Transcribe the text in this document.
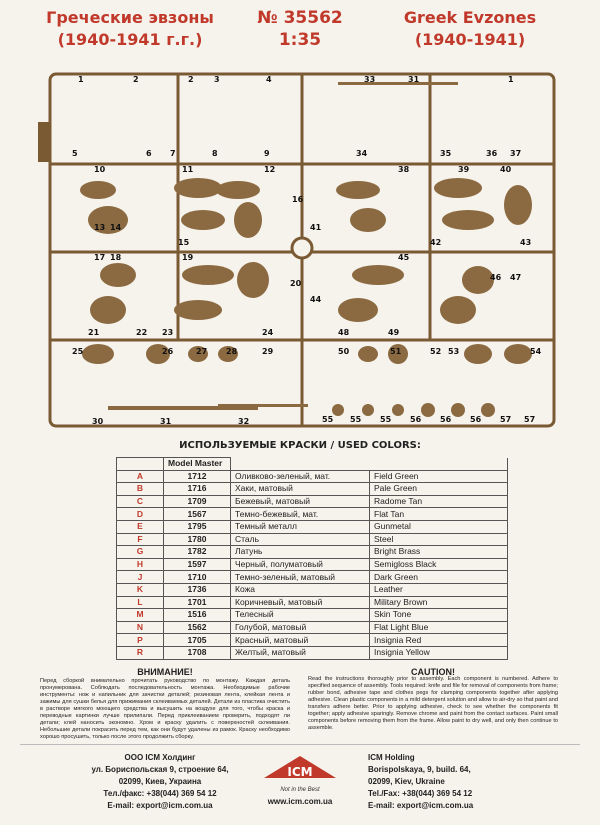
Греческие эвзоны
(1940-1941 г.г.)
№ 35562
1:35
Greek Evzones
(1940-1941)
1	2	2	3	4	33	31	1
5	6 7	8	9	34	35	36 37
10	11	12	38	39	40
16
13 14
15
41
42	43
17 18	19	45
20
44
46 47
21	22 23	24	48	49
25	26	27 28	29	50	51	52 53	54
30	31	32	55 55 55 56 56 56 57 57
ИСПОЛЬЗУЕМЫЕ КРАСКИ / USED COLORS:
	Model Master		
A	1712	Оливково-зеленый, мат.	Field Green
B	1716	Хаки, матовый	Pale Green
C	1709	Бежевый, матовый	Radome Tan
D	1567	Темно-бежевый, мат.	Flat Tan
E	1795	Темный металл	Gunmetal
F	1780	Сталь	Steel
G	1782	Латунь	Bright Brass
H	1597	Черный, полуматовый	Semigloss Black
J	1710	Темно-зеленый, матовый	Dark Green
K	1736	Кожа	Leather
L	1701	Коричневый, матовый	Military Brown
M	1516	Телесный	Skin Tone
N	1562	Голубой, матовый	Flat Light Blue
P	1705	Красный, матовый	Insignia Red
R	1708	Желтый, матовый	Insignia Yellow
ВНИМАНИЕ!
Перед сборкой внимательно прочитать руководство по монтажу. Каждая деталь пронумерована. Соблюдать последовательность монтажа. Необходимые рабочие инструменты: нож и напильник для зачистки деталей; резиновая лента, клейкая лента и зажимы для сушки белья для прижимания склеиваемых деталей. Детали из пластика очистить в растворе мягкого моющего средства и высушить на воздухе для того, чтобы краска и переводные картинки лучше прилипали. Перед приклеиванием проверить, подходят ли детали; клей наносить экономно. Хром и краску удалить с поверхностей склеивания. Небольшие детали покрасить перед тем, как они будут удалены из рамок. Краску необходимо хорошо просушить, только после этого продолжить сборку.
CAUTION!
Read the instructions thoroughly prior to assembly. Each component is numbered. Adhere to specified sequence of assembly. Tools required: knife and file for removal of components from frame; rubber bond, adhesive tape and clothes pegs for clamping components together after applying adhesive. Clean plastic components in a mild detergent solution and allow to air-dry so that paint and transfers adhere better. Prior to applying adhesive, check to see whether the components fit together; apply adhesive sparingly. Remove chrome and paint from the contact surfaces. Paint small components before removing them from the frame. Allow paint to dry well, and only then continue to assemble.
ООО ICM Холдинг
ул. Бориспольская 9, строение 64,
02099, Киев, Украина
Тел./факс: +38(044) 369 54 12
E-mail: export@icm.com.ua
ICM
Not in the Best
www.icm.com.ua
ICM Holding
Borispolskaya, 9, build. 64,
02099, Kiev, Ukraine
Tel./Fax: +38(044) 369 54 12
E-mail: export@icm.com.ua
